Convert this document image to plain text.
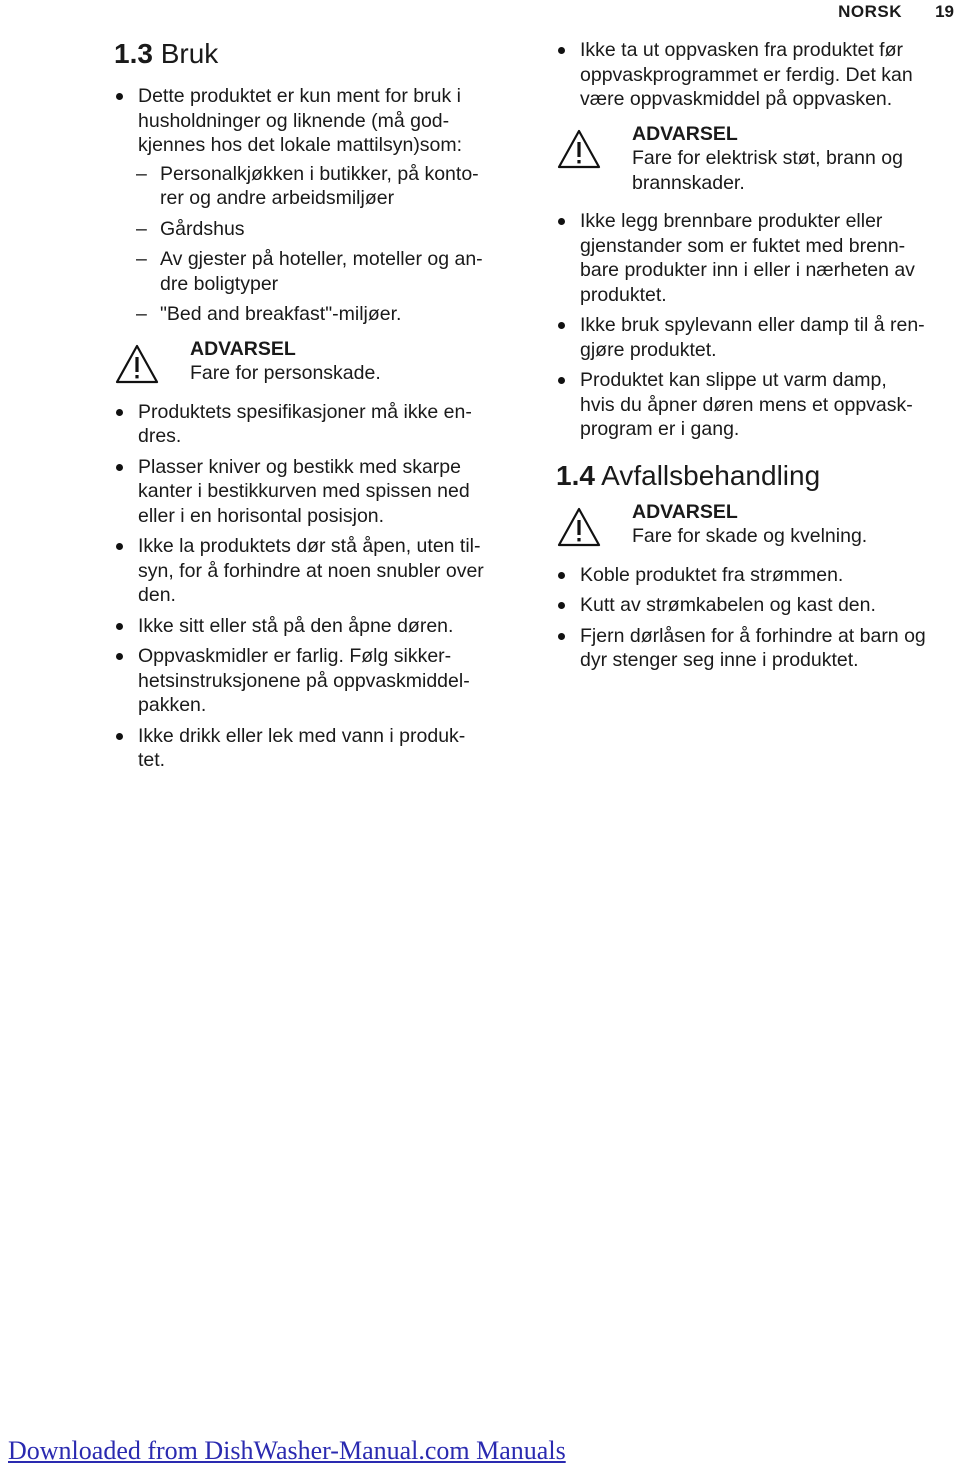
NORSK 19
1.3 Bruk
Dette produktet er kun ment for bruk i
husholdninger og liknende (må god-
kjennes hos det lokale mattilsyn)som:
– Personalkjøkken i butikker, på konto-
rer og andre arbeidsmiljøer
– Gårdshus
– Av gjester på hoteller, moteller og an-
dre boligtyper
– "Bed and breakfast"-miljøer.
ADVARSEL
Fare for personskade.
Produktets spesifikasjoner må ikke en-
dres.
Plasser kniver og bestikk med skarpe
kanter i bestikkurven med spissen ned
eller i en horisontal posisjon.
Ikke la produktets dør stå åpen, uten til-
syn, for å forhindre at noen snubler over
den.
Ikke sitt eller stå på den åpne døren.
Oppvaskmidler er farlig. Følg sikker-
hetsinstruksjonene på oppvaskmiddel-
pakken.
Ikke drikk eller lek med vann i produk-
tet.
Ikke ta ut oppvasken fra produktet før
oppvaskprogrammet er ferdig. Det kan
være oppvaskmiddel på oppvasken.
ADVARSEL
Fare for elektrisk støt, brann og
brannskader.
Ikke legg brennbare produkter eller
gjenstander som er fuktet med brenn-
bare produkter inn i eller i nærheten av
produktet.
Ikke bruk spylevann eller damp til å ren-
gjøre produktet.
Produktet kan slippe ut varm damp,
hvis du åpner døren mens et oppvask-
program er i gang.
1.4 Avfallsbehandling
ADVARSEL
Fare for skade og kvelning.
Koble produktet fra strømmen.
Kutt av strømkabelen og kast den.
Fjern dørlåsen for å forhindre at barn og
dyr stenger seg inne i produktet.
Downloaded from DishWasher-Manual.com Manuals
